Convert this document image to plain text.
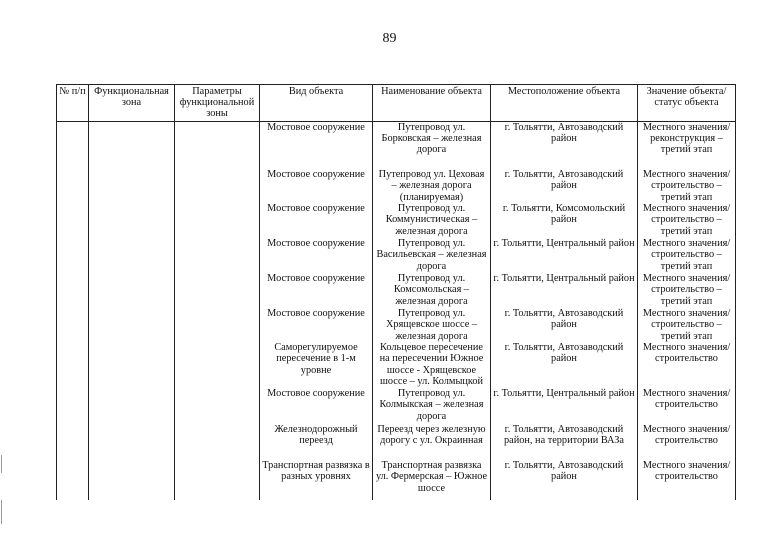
89
№ п/п	Функциональная зона	Параметры функциональной зоны	Вид объекта	Наименование объекта	Местоположение объекта	Значение объекта/статус объекта
			Мостовое сооружение	Путепровод ул. Борковская – железная дорога	г. Тольятти, Автозаводский район	Местного значения/ реконструкция – третий этап
			Мостовое сооружение	Путепровод ул. Цеховая – железная дорога (планируемая)	г. Тольятти, Автозаводский район	Местного значения/ строительство – третий этап
			Мостовое сооружение	Путепровод ул. Коммунистическая – железная дорога	г. Тольятти, Комсомольский район	Местного значения/ строительство – третий этап
			Мостовое сооружение	Путепровод ул. Васильевская – железная дорога	г. Тольятти, Центральный район	Местного значения/ строительство – третий этап
			Мостовое сооружение	Путепровод ул. Комсомольская – железная дорога	г. Тольятти, Центральный район	Местного значения/ строительство – третий этап
			Мостовое сооружение	Путепровод ул. Хрящевское шоссе – железная дорога	г. Тольятти, Автозаводский район	Местного значения/ строительство – третий этап
			Саморегулируемое пересечение в 1-м уровне	Кольцевое пересечение на пересечении Южное шоссе - Хрящевское шоссе – ул. Колмыцкой	г. Тольятти, Автозаводский район	Местного значения/ строительство
			Мостовое сооружение	Путепровод ул. Колмыкская – железная дорога	г. Тольятти, Центральный район	Местного значения/ строительство
			Железнодорожный переезд	Переезд через железную дорогу с ул. Окраинная	г. Тольятти, Автозаводский район, на территории ВАЗа	Местного значения/ строительство
			Транспортная развязка в разных уровнях	Транспортная развязка ул. Фермерская – Южное шоссе	г. Тольятти, Автозаводский район	Местного значения/ строительство
